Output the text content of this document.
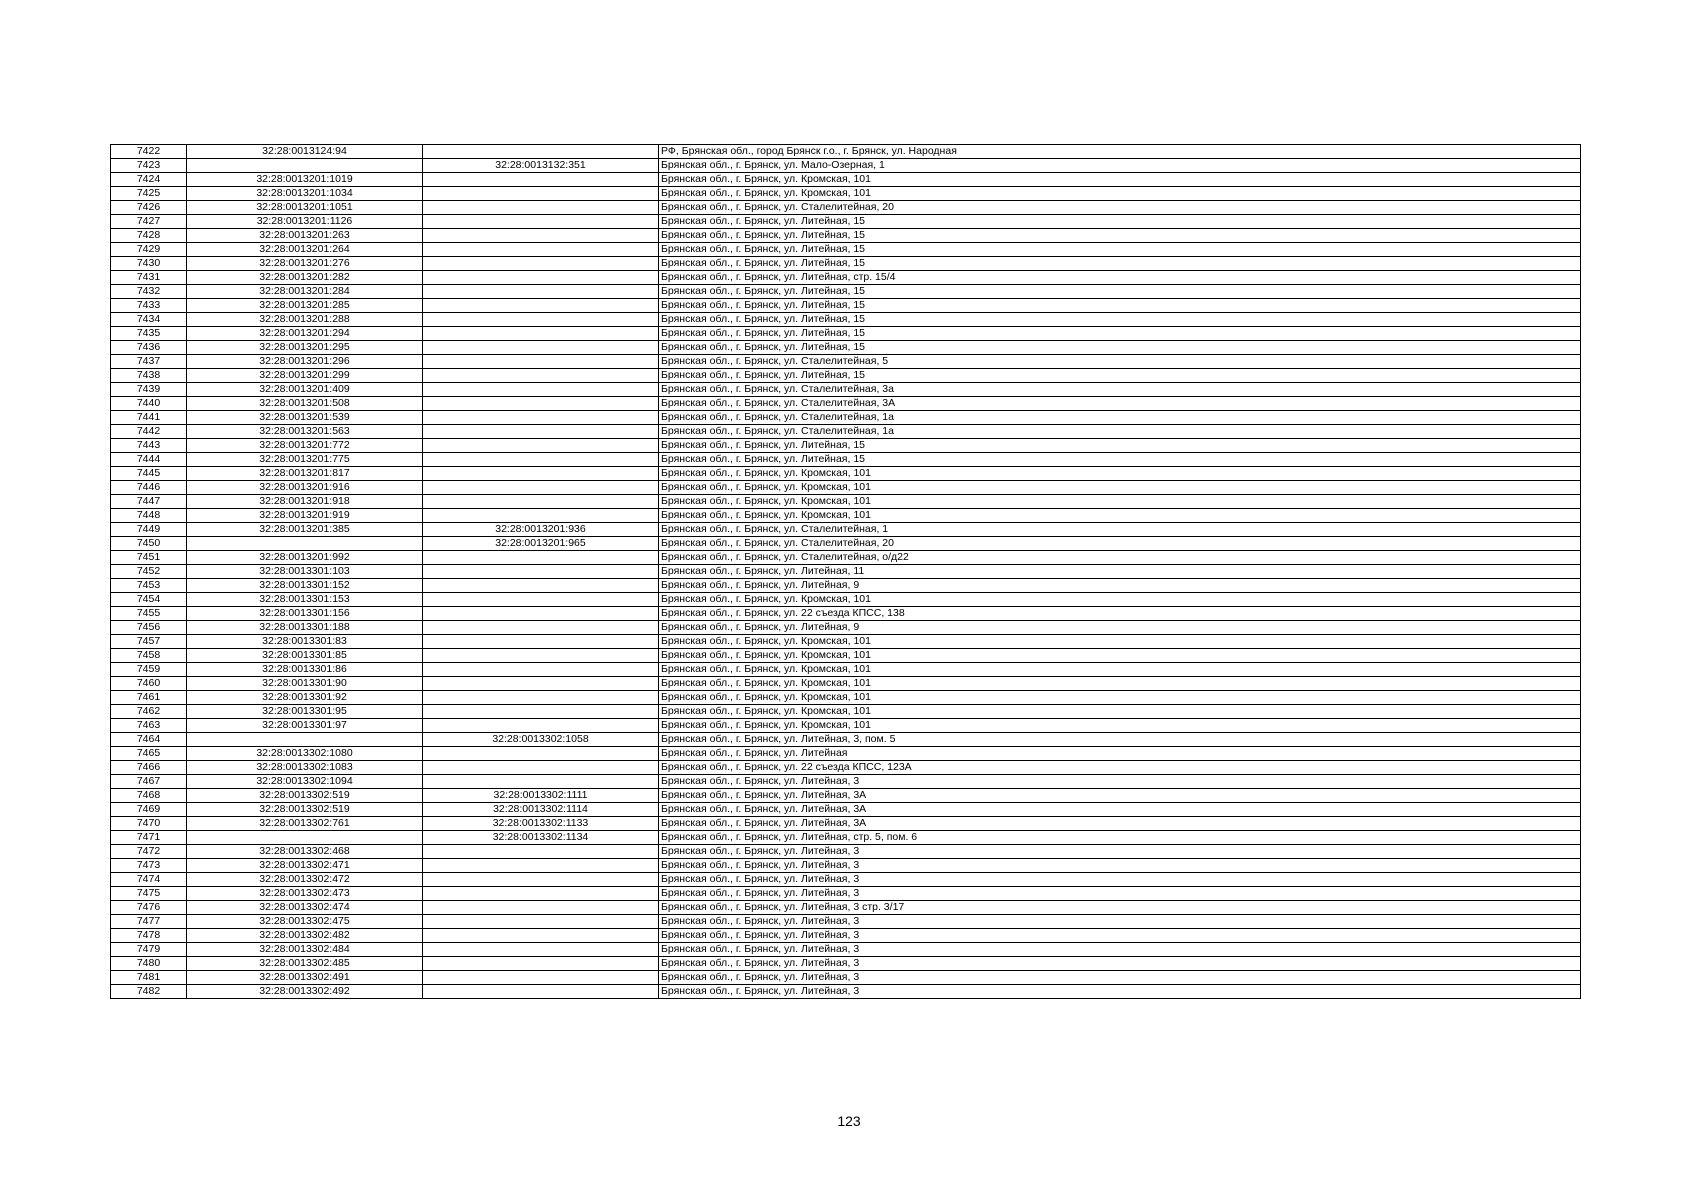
7422	32:28:0013124:94		РФ, Брянская обл., город Брянск г.о., г. Брянск, ул. Народная
7423		32:28:0013132:351	Брянская обл., г. Брянск, ул. Мало-Озерная, 1
7424	32:28:0013201:1019		Брянская обл., г. Брянск, ул. Кромская, 101
7425	32:28:0013201:1034		Брянская обл., г. Брянск, ул. Кромская, 101
7426	32:28:0013201:1051		Брянская обл., г. Брянск, ул. Сталелитейная, 20
7427	32:28:0013201:1126		Брянская обл., г. Брянск, ул. Литейная, 15
7428	32:28:0013201:263		Брянская обл., г. Брянск, ул. Литейная, 15
7429	32:28:0013201:264		Брянская обл., г. Брянск, ул. Литейная, 15
7430	32:28:0013201:276		Брянская обл., г. Брянск, ул. Литейная, 15
7431	32:28:0013201:282		Брянская обл., г. Брянск, ул. Литейная, стр. 15/4
7432	32:28:0013201:284		Брянская обл., г. Брянск, ул. Литейная, 15
7433	32:28:0013201:285		Брянская обл., г. Брянск, ул. Литейная, 15
7434	32:28:0013201:288		Брянская обл., г. Брянск, ул. Литейная, 15
7435	32:28:0013201:294		Брянская обл., г. Брянск, ул. Литейная, 15
7436	32:28:0013201:295		Брянская обл., г. Брянск, ул. Литейная, 15
7437	32:28:0013201:296		Брянская обл., г. Брянск, ул. Сталелитейная, 5
7438	32:28:0013201:299		Брянская обл., г. Брянск, ул. Литейная, 15
7439	32:28:0013201:409		Брянская обл., г. Брянск, ул. Сталелитейная, 3а
7440	32:28:0013201:508		Брянская обл., г. Брянск, ул. Сталелитейная, 3А
7441	32:28:0013201:539		Брянская обл., г. Брянск, ул. Сталелитейная, 1а
7442	32:28:0013201:563		Брянская обл., г. Брянск, ул. Сталелитейная, 1а
7443	32:28:0013201:772		Брянская обл., г. Брянск, ул. Литейная, 15
7444	32:28:0013201:775		Брянская обл., г. Брянск, ул. Литейная, 15
7445	32:28:0013201:817		Брянская обл., г. Брянск, ул. Кромская, 101
7446	32:28:0013201:916		Брянская обл., г. Брянск, ул. Кромская, 101
7447	32:28:0013201:918		Брянская обл., г. Брянск, ул. Кромская, 101
7448	32:28:0013201:919		Брянская обл., г. Брянск, ул. Кромская, 101
7449	32:28:0013201:385	32:28:0013201:936	Брянская обл., г. Брянск, ул. Сталелитейная, 1
7450		32:28:0013201:965	Брянская обл., г. Брянск, ул. Сталелитейная, 20
7451	32:28:0013201:992		Брянская обл., г. Брянск, ул. Сталелитейная, о/д22
7452	32:28:0013301:103		Брянская обл., г. Брянск, ул. Литейная, 11
7453	32:28:0013301:152		Брянская обл., г. Брянск, ул. Литейная, 9
7454	32:28:0013301:153		Брянская обл., г. Брянск, ул. Кромская, 101
7455	32:28:0013301:156		Брянская обл., г. Брянск, ул. 22 съезда КПСС, 138
7456	32:28:0013301:188		Брянская обл., г. Брянск, ул. Литейная, 9
7457	32:28:0013301:83		Брянская обл., г. Брянск, ул. Кромская, 101
7458	32:28:0013301:85		Брянская обл., г. Брянск, ул. Кромская, 101
7459	32:28:0013301:86		Брянская обл., г. Брянск, ул. Кромская, 101
7460	32:28:0013301:90		Брянская обл., г. Брянск, ул. Кромская, 101
7461	32:28:0013301:92		Брянская обл., г. Брянск, ул. Кромская, 101
7462	32:28:0013301:95		Брянская обл., г. Брянск, ул. Кромская, 101
7463	32:28:0013301:97		Брянская обл., г. Брянск, ул. Кромская, 101
7464		32:28:0013302:1058	Брянская обл., г. Брянск, ул. Литейная, 3, пом. 5
7465	32:28:0013302:1080		Брянская обл., г. Брянск, ул. Литейная
7466	32:28:0013302:1083		Брянская обл., г. Брянск, ул. 22 съезда КПСС, 123А
7467	32:28:0013302:1094		Брянская обл., г. Брянск, ул. Литейная, 3
7468	32:28:0013302:519	32:28:0013302:1111	Брянская обл., г. Брянск, ул. Литейная, 3А
7469	32:28:0013302:519	32:28:0013302:1114	Брянская обл., г. Брянск, ул. Литейная, 3А
7470	32:28:0013302:761	32:28:0013302:1133	Брянская обл., г. Брянск, ул. Литейная, 3А
7471		32:28:0013302:1134	Брянская обл., г. Брянск, ул. Литейная, стр. 5, пом. 6
7472	32:28:0013302:468		Брянская обл., г. Брянск, ул. Литейная, 3
7473	32:28:0013302:471		Брянская обл., г. Брянск, ул. Литейная, 3
7474	32:28:0013302:472		Брянская обл., г. Брянск, ул. Литейная, 3
7475	32:28:0013302:473		Брянская обл., г. Брянск, ул. Литейная, 3
7476	32:28:0013302:474		Брянская обл., г. Брянск, ул. Литейная, 3 стр. 3/17
7477	32:28:0013302:475		Брянская обл., г. Брянск, ул. Литейная, 3
7478	32:28:0013302:482		Брянская обл., г. Брянск, ул. Литейная, 3
7479	32:28:0013302:484		Брянская обл., г. Брянск, ул. Литейная, 3
7480	32:28:0013302:485		Брянская обл., г. Брянск, ул. Литейная, 3
7481	32:28:0013302:491		Брянская обл., г. Брянск, ул. Литейная, 3
7482	32:28:0013302:492		Брянская обл., г. Брянск, ул. Литейная, 3
123
